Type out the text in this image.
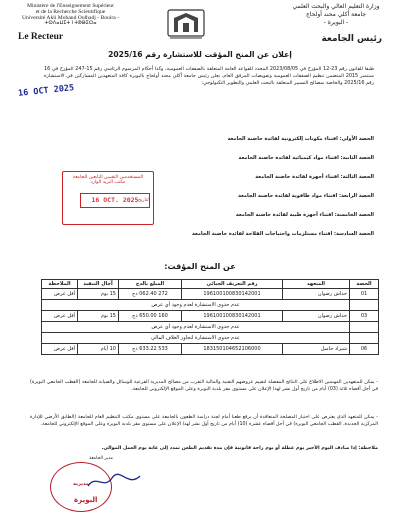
Ministère de l'Enseignement Supérieur
et de la Recherche Scientifique
Université Akli Mohand Oulhadj - Bouira -
ⵜⵙⴷⴰⵡⵉⵜ ⵏ ⵜⵓⴱⵉⵔⴰ
Le Recteur
وزارة التعليم العالي والبحث العلمي
جامعة أكلي محند أولحاج
- البويرة -
رئيس الجامعة
إعلان عن المنح المؤقت للاستشارة رقم 2025/16
طبقا للقانون رقم 23-12 المؤرخ في 2023/08/05 المحدد للقواعد العامة المتعلقة بالصفقات العمومية، وكذا أحكام المرسوم الرئاسي رقم 15-247 المؤرخ في 16 سبتمبر 2015 المتضمن تنظيم الصفقات العمومية وتفويضات المرفق العام، يعلن رئيس جامعة أكلي محند أولحاج بالبويرة كافة المتعهدين المشاركين في الاستشارة رقم 2025/16 والخاصة بمصالح التسيير المتعلقة بالبحث العلمي والتطوير التكنولوجي:
16 OCT 2025
الحصة الأولى: اقتناء مكونات إلكترونية لفائدة حاضنة الجامعة
الحصة الثانية: اقتناء مواد كيميائية لفائدة حاضنة الجامعة
الحصة الثالثة: اقتناء أجهزة لفائدة حاضنة الجامعة
الحصة الرابعة: اقتناء مواد طاقوية لفائدة حاضنة الجامعة
الحصة الخامسة: اقتناء أجهزة طبية لفائدة حاضنة الجامعة
الحصة السادسة: اقتناء مستلزمات واحتياجات الفلاحة لفائدة حاضنة الجامعة
المستخدمين التقنيين التابعين للجامعة
مكتب البريد الوارد
التاريخ
16 OCT. 2025
عن المنح المؤقت:
الحصة	المتعهد	رقم التعريف الجبائي	المبلغ بالدج	آجال التنفيذ	الملاحظة
01	حداش رضوان	196100100830142001	272 062.40 دج	15 يوم	أقل عرض
	عدم جدوى الاستشارة لعدم وجود أي عرض				
03	حداش رضوان	196100100830142001	160 650.00 دج	15 يوم	أقل عرض
	عدم جدوى الاستشارة لعدم وجود أي عرض				
	عدم جدوى الاستشارة لتجاوز الغلاف المالي				
06	شيراد حاميل	183150104652106000	533 633.22 دج	10 أيام	أقل عرض
- يمكن للمتعهدين المهتمين الاطلاع على النتائج المفصلة لتقييم عروضهم التقنية والمالية التقرب من مصالح المديرية الفرعية للوسائل والصيانة للجامعة (القطب الجامعي البويرة) في أجل أقصاه ثلاثة (03) أيام من تاريخ أول نشر لهذا الإعلان على مستوى مقر بلدية البويرة وعلى الموقع الإلكتروني للجامعة.
- يمكن للمتعهد الذي يعترض على اختيار المصلحة المتعاقدة أن يرفع طعنا أمام لجنة دراسة الطعون بالجامعة على مستوى مكتب التنظيم العام للجامعة (الطابق الأرضي للإدارة المركزية الجديدة، القطب الجامعي البويرة) في أجل أقصاه عشرة (10) أيام من تاريخ أول نشر لهذا الإعلان على مستوى مقر بلدية البويرة وعلى الموقع الإلكتروني للجامعة.
ملاحظة: إذا صادف اليوم الأخير يوم عطلة أو يوم راحة قانونية فإن مدة تقديم الطعن تمدد إلى غاية يوم العمل الموالي.
مدير الجامعة
مديرية
البويرة
